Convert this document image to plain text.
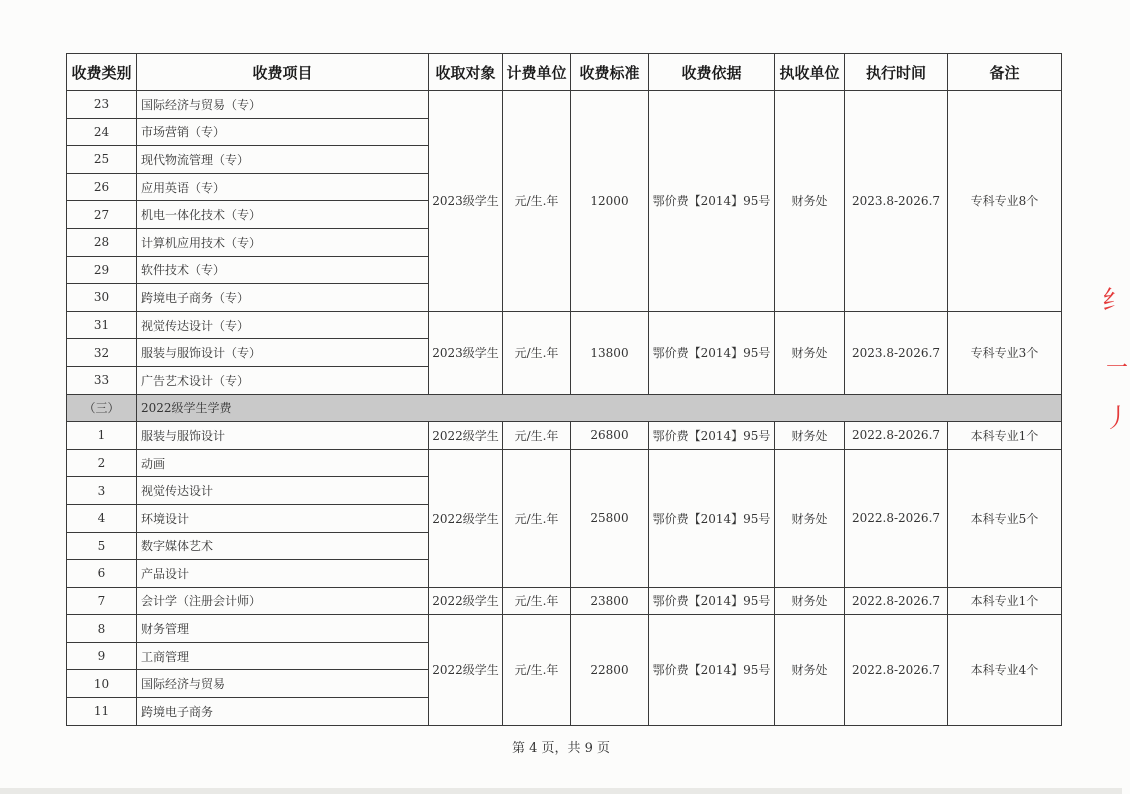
收费类别	收费项目	收取对象	计费单位	收费标准	收费依据	执收单位	执行时间	备注
23	国际经济与贸易（专）	2023级学生	元/生.年	12000	鄂价费【2014】95号	财务处	2023.8-2026.7	专科专业8个
24	市场营销（专）							
25	现代物流管理（专）							
26	应用英语（专）							
27	机电一体化技术（专）							
28	计算机应用技术（专）							
29	软件技术（专）							
30	跨境电子商务（专）							
31	视觉传达设计（专）	2023级学生	元/生.年	13800	鄂价费【2014】95号	财务处	2023.8-2026.7	专科专业3个
32	服装与服饰设计（专）							
33	广告艺术设计（专）							
（三）	2022级学生学费							
1	服装与服饰设计	2022级学生	元/生.年	26800	鄂价费【2014】95号	财务处	2022.8-2026.7	本科专业1个
2	动画	2022级学生	元/生.年	25800	鄂价费【2014】95号	财务处	2022.8-2026.7	本科专业5个
3	视觉传达设计							
4	环境设计							
5	数字媒体艺术							
6	产品设计							
7	会计学（注册会计师）	2022级学生	元/生.年	23800	鄂价费【2014】95号	财务处	2022.8-2026.7	本科专业1个
8	财务管理	2022级学生	元/生.年	22800	鄂价费【2014】95号	财务处	2022.8-2026.7	本科专业4个
9	工商管理							
10	国际经济与贸易							
11	跨境电子商务							
第 4 页，共 9 页
纟
一
丿
